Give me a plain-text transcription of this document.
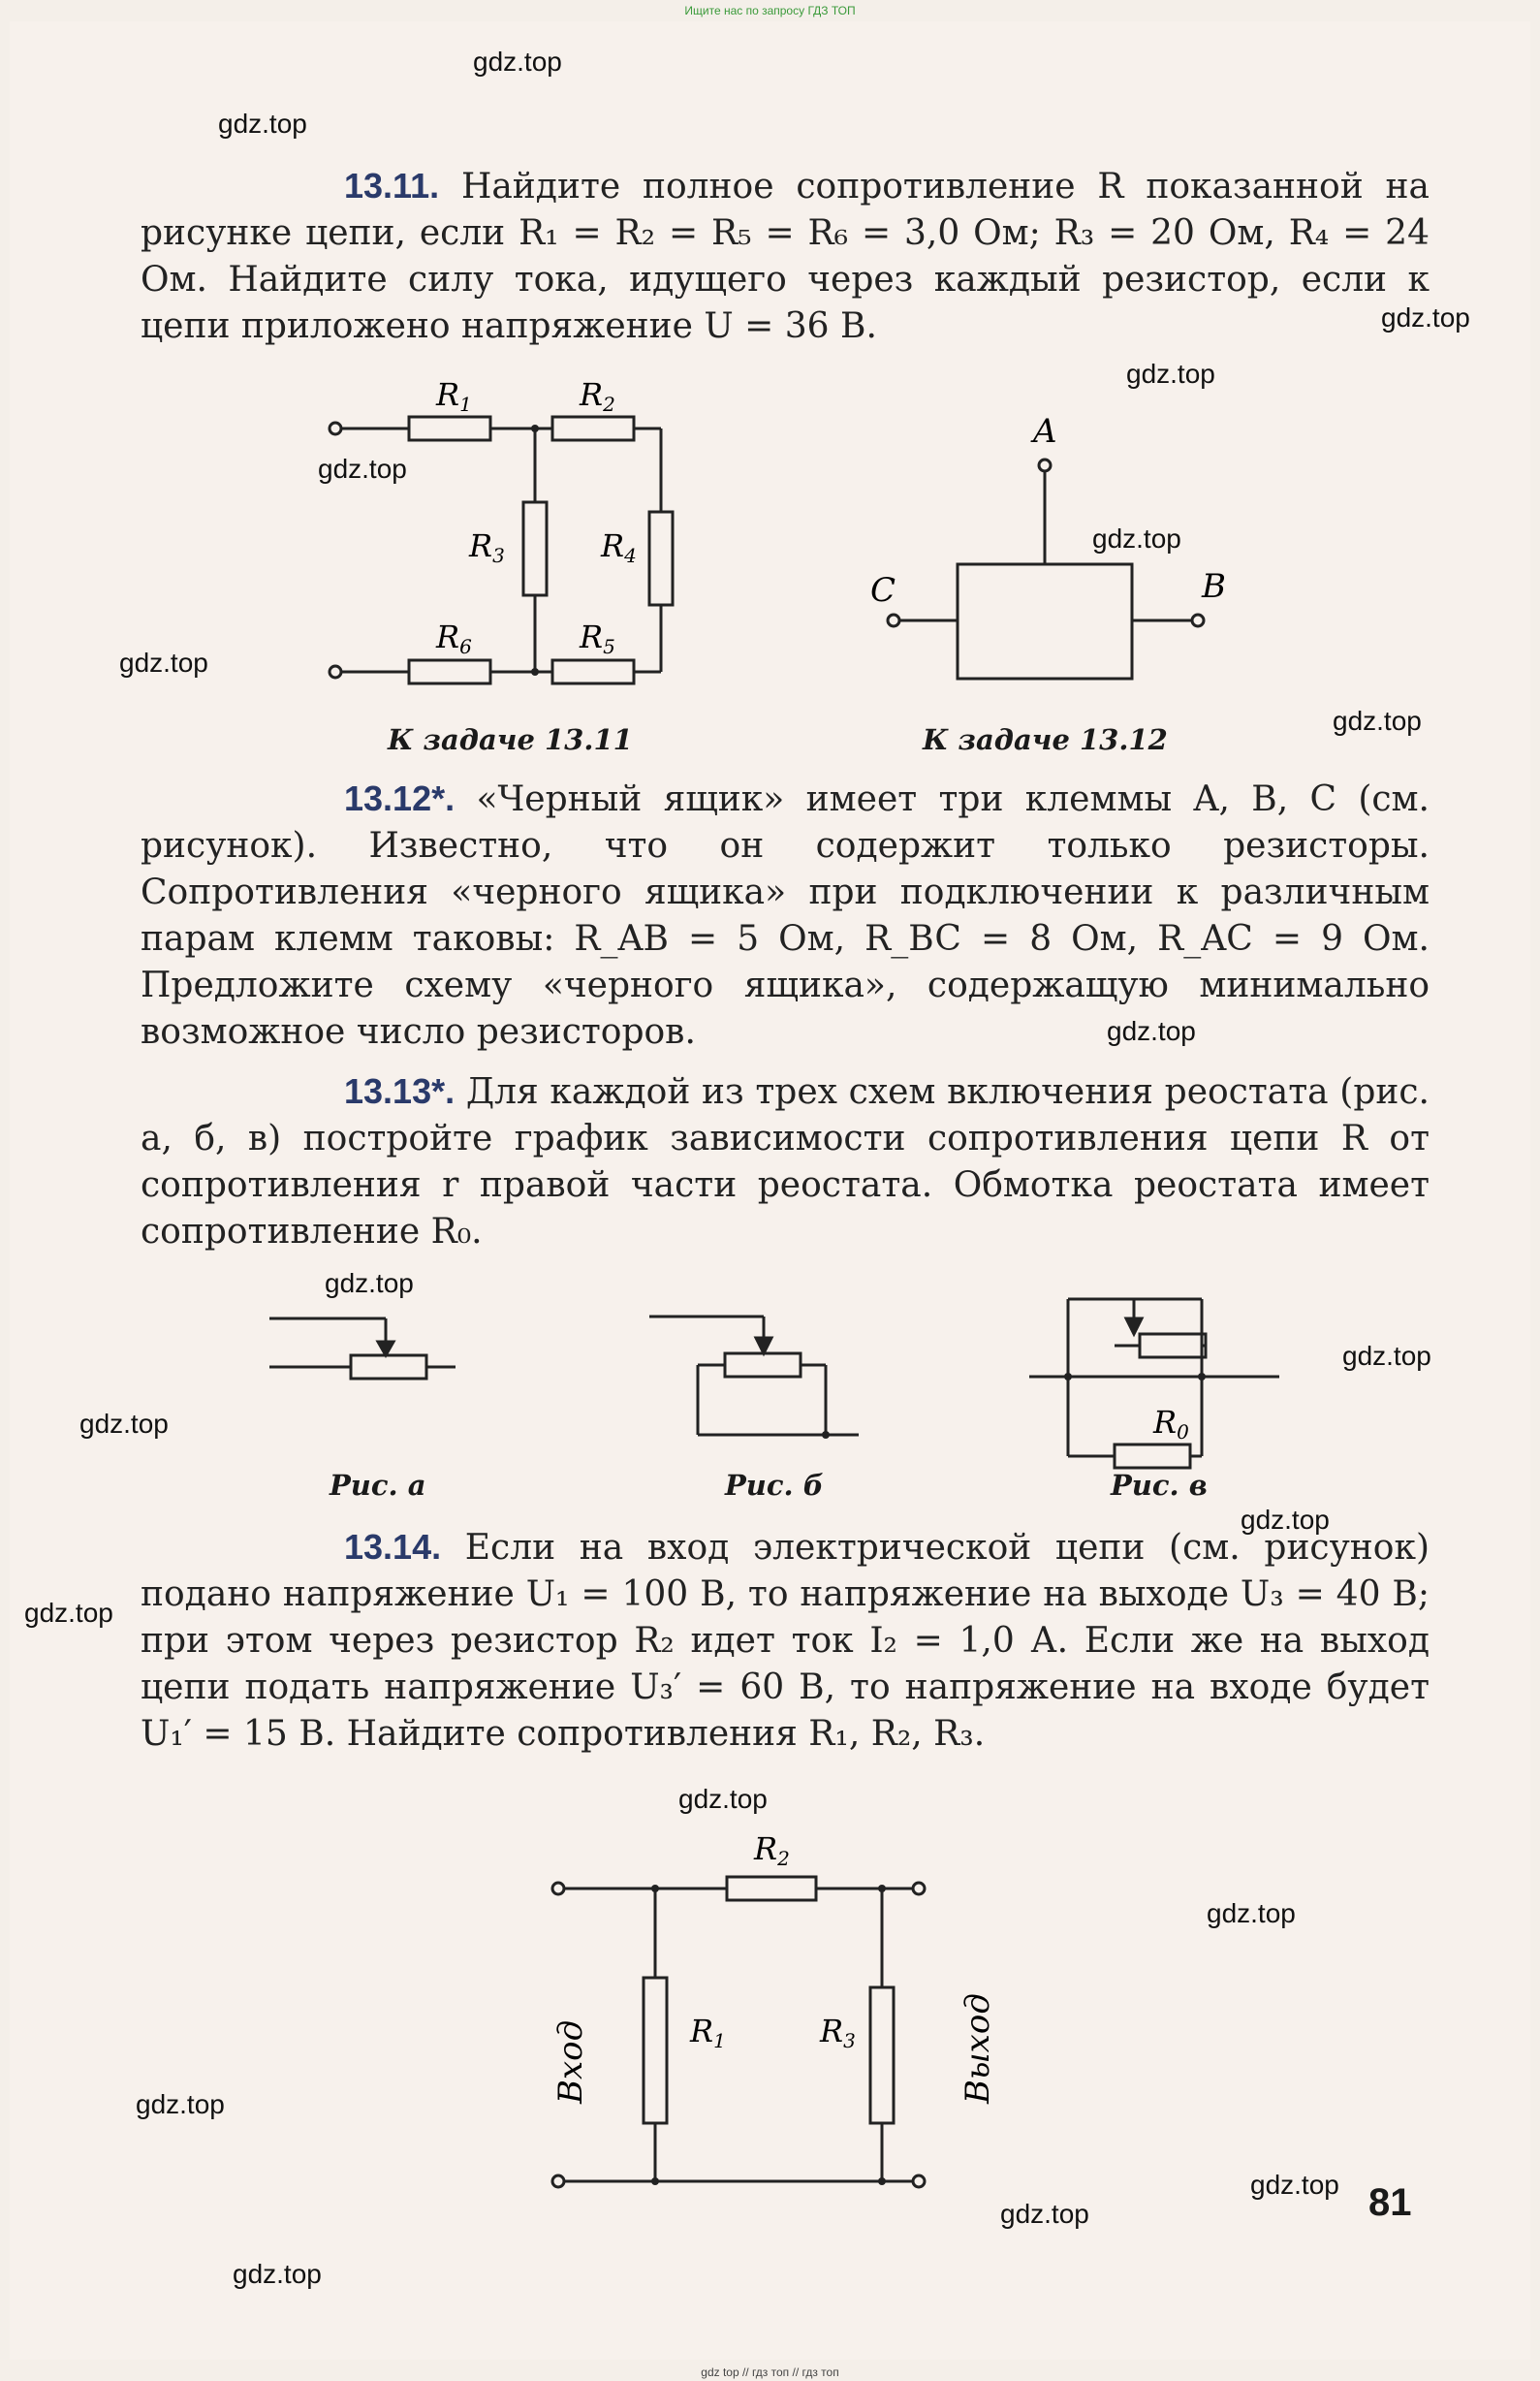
Ищите нас по запросу ГДЗ ТОП
gdz.top
gdz.top
gdz.top
gdz.top
gdz.top
gdz.top
gdz.top
gdz.top
gdz.top
gdz.top
gdz.top
gdz.top
gdz.top
gdz.top
gdz.top
gdz.top
gdz.top
gdz.top
gdz.top
gdz.top
13.11. Найдите полное сопротивление R показанной на рисунке цепи, если R₁ = R₂ = R₅ = R₆ = 3,0 Ом; R₃ = 20 Ом, R₄ = 24 Ом. Найдите силу тока, идущего через каждый резистор, если к цепи приложено напряжение U = 36 В.
R1	R2
R3	R4
R5
R6
К задаче 13.11
A
C	B
К задаче 13.12
13.12*. «Черный ящик» имеет три клеммы A, B, C (см. рисунок). Известно, что он содержит только резисторы. Сопротивления «черного ящика» при подключении к различным парам клемм таковы: R_AB = 5 Ом, R_BC = 8 Ом, R_AC = 9 Ом. Предложите схему «черного ящика», содержащую минимально возможное число резисторов.
13.13*. Для каждой из трех схем включения реостата (рис. а, б, в) постройте график зависимости сопротивления цепи R от сопротивления r правой части реостата. Обмотка реостата имеет сопротивление R₀.
Рис. а	Рис. б
R0
Рис. в
13.14. Если на вход электрической цепи (см. рисунок) подано напряжение U₁ = 100 В, то напряжение на выходе U₃ = 40 В; при этом через резистор R₂ идет ток I₂ = 1,0 А. Если же на выход цепи подать напряжение U₃′ = 60 В, то напряжение на входе будет U₁′ = 15 В. Найдите сопротивления R₁, R₂, R₃.
R2
R1	R3
Вход	Выход
81
gdz top // гдз топ // гдз топ
